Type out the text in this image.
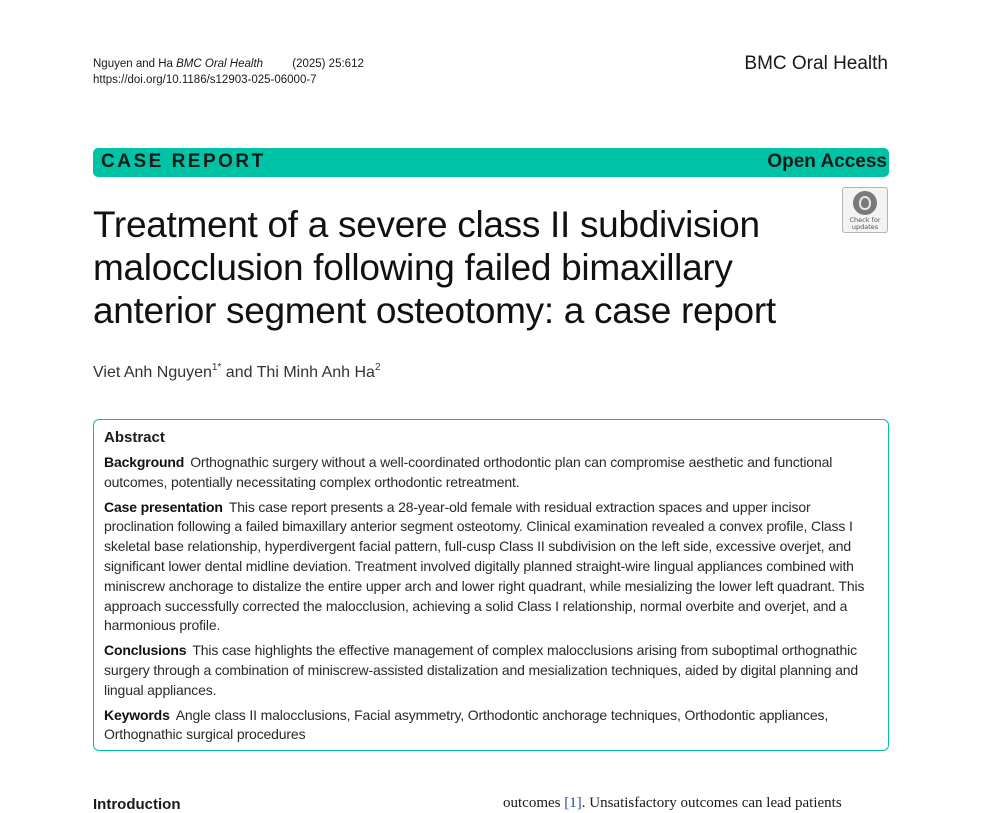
Nguyen and Ha BMC Oral Health	(2025) 25:612
https://doi.org/10.1186/s12903-025-06000-7
BMC Oral Health
CASE REPORT	Open Access
Check for
updates
Treatment of a severe class II subdivision malocclusion following failed bimaxillary anterior segment osteotomy: a case report
Viet Anh Nguyen$^{1*}$ and Thi Minh Anh Ha$^2$
Abstract

Background Orthognathic surgery without a well-coordinated orthodontic plan can compromise aesthetic and functional outcomes, potentially necessitating complex orthodontic retreatment.

Case presentation This case report presents a 28-year-old female with residual extraction spaces and upper incisor proclination following a failed bimaxillary anterior segment osteotomy. Clinical examination revealed a convex profile, Class I skeletal base relationship, hyperdivergent facial pattern, full-cusp Class II subdivision on the left side, excessive overjet, and significant lower dental midline deviation. Treatment involved digitally planned straight-wire lingual appliances combined with miniscrew anchorage to distalize the entire upper arch and lower right quadrant, while mesializing the lower left quadrant. This approach successfully corrected the malocclusion, achieving a solid Class I relationship, normal overbite and overjet, and a harmonious profile.

Conclusions This case highlights the effective management of complex malocclusions arising from suboptimal orthognathic surgery through a combination of miniscrew-assisted distalization and mesialization techniques, aided by digital planning and lingual appliances.

Keywords Angle class II malocclusions, Facial asymmetry, Orthodontic anchorage techniques, Orthodontic appliances, Orthognathic surgical procedures

Introduction	outcomes [1]. Unsatisfactory outcomes can lead patients
